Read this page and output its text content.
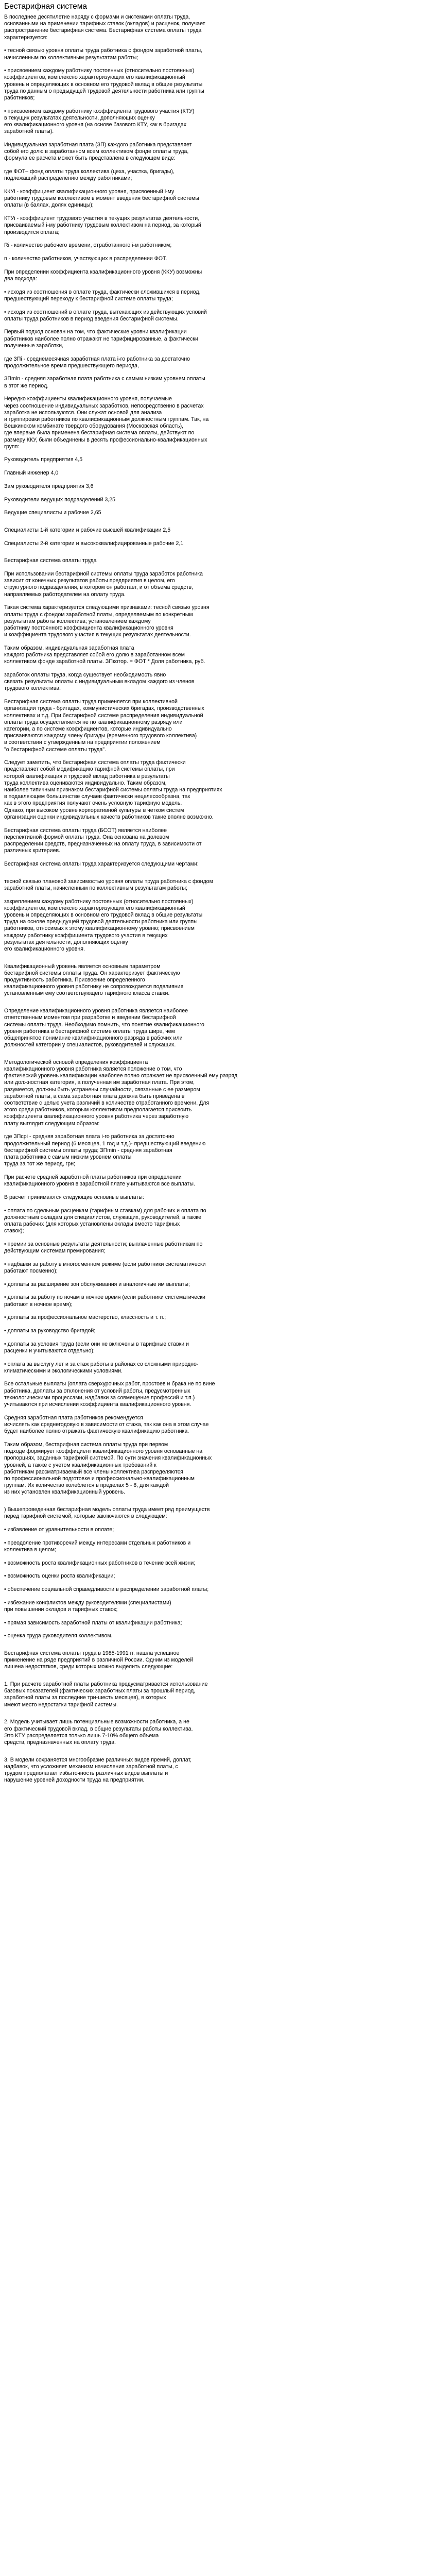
Бестарифная система
В последнее десятилетие наряду с формами и системами оплаты труда,
основанными на применении тарифных ставок (окладов) и расценок, получает
распространение бестарифная система. Бестарифная система оплаты труда
характеризуется:
• тесной связью уровня оплаты труда работника с фондом заработной платы,
начисленным по коллективным результатам работы;
• присвоением каждому работнику постоянных (относительно постоянных)
коэффициентов, комплексно характеризующих его квалификационный
уровень и определяющих в основном его трудовой вклад в общие результаты
труда по данным о предыдущей трудовой деятельности работника или группы
работников;
• присвоением каждому работнику коэффициента трудового участия (КТУ)
в текущих результатах деятельности, дополняющих оценку
его квалификационного уровня (на основе базового КТУ, как в бригадах
заработной платы).
Индивидуальная заработная плата (ЗП) каждого работника представляет
собой его долю в заработанном всем коллективом фонде оплаты труда,
формула ее расчета может быть представлена в следующем виде:
где ФОТ– фонд оплаты труда коллектива (цеха, участка, бригады),
подлежащий распределению между работниками;
ККУi - коэффициент квалификационного уровня, присвоенный i-му
работнику трудовым коллективом в момент введения бестарифной системы
оплаты (в баллах, долях единицы);
КТУi - коэффициент трудового участия в текущих результатах деятельности,
присваиваемый i-му работнику трудовым коллективом на период, за который
производится оплата;
Ri - количество рабочего времени, отработанного i-м работником;
n - количество работников, участвующих в распределении ФОТ.
При определении коэффициента квалификационного уровня (ККУ) возможны
два подхода:
• исходя из соотношения в оплате труда, фактически сложившихся в период,
предшествующий переходу к бестарифной системе оплаты труда;
• исходя из соотношений в оплате труда, вытекающих из действующих условий
оплаты труда работников в период введения бестарифной системы.
Первый подход основан на том, что фактические уровни квалификации
работников наиболее полно отражают не тарифицированные, а фактически
полученные заработки,
где ЗПi - среднемесячная заработная плата i-го работника за достаточно
продолжительное время предшествующего периода,
ЗПmin - средняя заработная плата работника с самым низким уровнем оплаты
в этот же период.
Нередко коэффициенты квалификационного уровня, получаемые
через соотношение индивидуальных заработков, непосредственно в расчетах
заработка не используются. Они служат основой для анализа
и группировки работников по квалификационным должностным группам. Так, на
Вешкинском комбинате твердого оборудования (Московская область),
где впервые была применена бестарифная система оплаты, действуют по
размеру ККУ, были объединены в десять профессионально-квалификационных
групп:
Руководитель предприятия 4,5
Главный инженер 4,0
Зам руководителя предприятия 3,6
Руководители ведущих подразделений 3,25
Ведущие специалисты и рабочие 2,65
Специалисты 1-й категории и рабочие высшей квалификации 2,5
Специалисты 2-й категории и высококвалифицированные рабочие 2,1
Бестарифная система оплаты труда
При использовании бестарифной системы оплаты труда заработок работника
зависит от конечных результатов работы предприятия в целом, его
структурного подразделения, в котором он работает, и от объема средств,
направляемых работодателем на оплату труда.
Такая система характеризуется следующими признаками: тесной связью уровня
оплаты труда с фондом заработной платы, определяемым по конкретным
результатам работы коллектива; установлением каждому
работнику постоянного коэффициента квалификационного уровня
и коэффициента трудового участия в текущих результатах деятельности.
Таким образом, индивидуальная заработная плата
каждого работника представляет собой его долю в заработанном всем
коллективом фонде заработной платы. ЗПкотор. = ФОТ * Доля работника, руб.
заработок оплаты труда, когда существует необходимость явно
связать результаты оплаты с индивидуальным вкладом каждого из членов
трудового коллектива.
Бестарифная система оплаты труда применяется при коллективной
организации труда - бригадах, коммунистических бригадах, производственных
коллективах и т.д. При бестарифной системе распределения индивидуальной
оплаты труда осуществляется не по квалификационному разряду или
категории, а по системе коэффициентов, которые индивидуально
присваиваются каждому члену бригады (временного трудового коллектива)
в соответствии с утвержденным на предприятии положением
"о бестарифной системе оплаты труда".
Следует заметить, что бестарифная система оплаты труда фактически
представляет собой модификацию тарифной системы оплаты, при
которой квалификация и трудовой вклад работника в результаты
труда коллектива оцениваются индивидуально. Таким образом,
наиболее типичным признаком бестарифной системы оплаты труда на предприятиях
в подавляющем большинстве случаев фактически нецелесообразна, так
как в этого предприятия получают очень условную тарифную модель.
Однако, при высоком уровне корпоративной культуры в четком систем
организации оценки индивидуальных качеств работников такие вполне возможно.
Бестарифная система оплаты труда (БСОТ) является наиболее
перспективной формой оплаты труда. Она основана на долевом
распределении средств, предназначенных на оплату труда, в зависимости от
различных критериев.
Бестарифная система оплаты труда характеризуется следующими чертами:
тесной связью плановой зависимостью уровня оплаты труда работника с фондом
заработной платы, начисленным по коллективным результатам работы;
закреплением каждому работнику постоянных (относительно постоянных)
коэффициентов, комплексно характеризующих его квалификационный
уровень и определяющих в основном его трудовой вклад в общие результаты
труда на основе предыдущей трудовой деятельности работника или группы
работников, относимых к этому квалификационному уровню; присвоением
каждому работнику коэффициента трудового участия в текущих
результатах деятельности, дополняющих оценку
его квалификационного уровня.
Квалификационный уровень является основным параметром
бестарифной системы оплаты труда. Он характеризует фактическую
продуктивность работника. Присвоение определенного
квалификационного уровня работнику не сопровождается подвлияния
установленным ему соответствующего тарифного класса ставки.
Определение квалификационного уровня работника является наиболее
ответственным моментом при разработке и введении бестарифной
системы оплаты труда. Необходимо помнить, что понятие квалификационного
уровня работника в бестарифной системе оплаты труда шире, чем
общепринятое понимание квалификационного разряда в рабочих или
должностей категории у специалистов, руководителей и служащих.
Методологической основой определения коэффициента
квалификационного уровня работника является положение о том, что
фактический уровень квалификации наиболее полно отражает не присвоенный ему разряд
или должностная категория, а полученная им заработная плата. При этом,
разумеется, должны быть устранены случайности, связанные с ее размером
заработной платы, а сама заработная плата должна быть приведена в
соответствие с целью учета различий в количестве отработанного времени. Для
этого среди работников, которым коллективом предполагается присвоить
коэффициента квалификационного уровня работника через заработную
плату выглядит следующим образом:
где ЗПсрi - средняя заработная плата i-го работника за достаточно
продолжительный период (6 месяцев, 1 год и т.д.)- предшествующий введению
бестарифной системы оплаты труда; ЗПmin - средняя заработная
плата работника с самым низким уровнем оплаты
труда за тот же период, грн;
При расчете средней заработной платы работников при определении
квалификационного уровня в заработной плате учитываются все выплаты.
В расчет принимаются следующие основные выплаты:
• оплата по сдельным расценкам (тарифным ставкам) для рабочих и оплата по
должностным окладам для специалистов, служащих, руководителей, а также
оплата рабочих (для которых установлены оклады вместо тарифных
ставок);
• премии за основные результаты деятельности; выплаченные работникам по
действующим системам премирования;
• надбавки за работу в многосменном режиме (если работники систематически
работают посменно);
• доплаты за расширение зон обслуживания и аналогичные им выплаты;
• доплаты за работу по ночам в ночное время (если работники систематически
работают в ночное время);
• доплаты за профессиональное мастерство, классность и т. п.;
• доплаты за руководство бригадой;
• доплаты за условия труда (если они не включены в тарифные ставки и
расценки и учитываются отдельно);
• оплата за выслугу лет и за стаж работы в районах со сложными природно-
климатическими и экологическими условиями.
Все остальные выплаты (оплата сверхурочных работ, простоев и брака не по вине
работника, доплаты за отклонения от условий работы, предусмотренных
технологическими процессами, надбавки за совмещение профессий и т.п.)
учитываются при исчислении коэффициента квалификационного уровня.
Средняя заработная плата работников рекомендуется
исчислять как среднегодовую в зависимости от стажа, так как она в этом случае
будет наиболее полно отражать фактическую квалификацию работника.
Таким образом, бестарифная система оплаты труда при первом
подходе формирует коэффициент квалификационного уровня основанные на
пропорциях, заданных тарифной системой. По сути значения квалификационных
уровней, а также с учетом квалификационных требований к
работникам рассматриваемый все члены коллектива распределяются
по профессиональной подготовке и профессионально-квалификационным
группам. Их количество колеблется в пределах 5 - 8, для каждой
из них установлен квалификационный уровень.
) Вышепроведенная бестарифная модель оплаты труда имеет ряд преимуществ
перед тарифной системой, которые заключаются в следующем:
• избавление от уравнительности в оплате;
• преодоление противоречий между интересами отдельных работников и
коллектива в целом;
• возможность роста квалификационных работников в течение всей жизни;
• возможность оценки роста квалификации;
• обеспечение социальной справедливости в распределении заработной платы;
• избежание конфликтов между руководителями (специалистами)
при повышении окладов и тарифных ставок;
• прямая зависимость заработной платы от квалификации работника;
• оценка труда руководителя коллективом.
Бестарифная система оплаты труда в 1985-1991 гг. нашла успешное
применение на ряде предприятий в различной России. Одним из моделей
лишена недостатков, среди которых можно выделить следующие:
1. При расчете заработной платы работника предусматривается использование
базовых показателей (фактических заработных платы за прошлый период,
заработной платы за последние три-шесть месяцев), в которых
имеют место недостатки тарифной системы.
2. Модель учитывает лишь потенциальные возможности работника, а не
его фактический трудовой вклад, в общие результаты работы коллектива.
Это КТУ распределяется только лишь 7-10% общего объема
средств, предназначенных на оплату труда.
3. В модели сохраняется многообразие различных видов премий, доплат,
надбавок, что усложняет механизм начисления заработной платы, с
трудом предполагает избыточность различных видов выплаты и
нарушение уровней доходности труда на предприятии.
